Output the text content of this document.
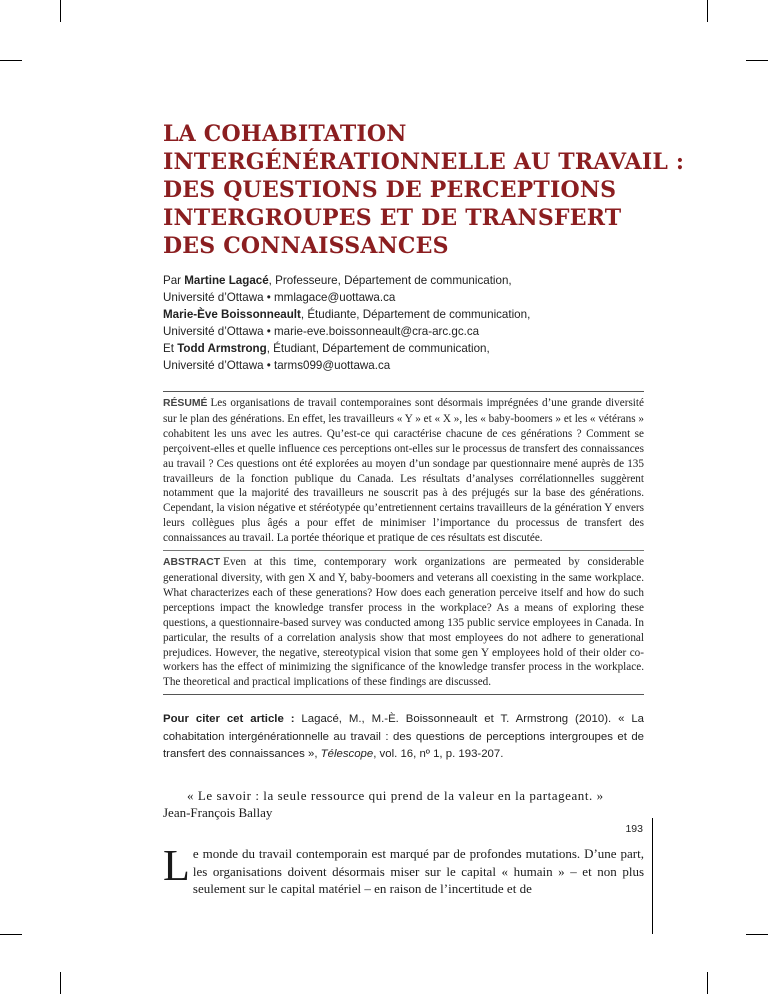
LA COHABITATION
INTERGÉNÉRATIONNELLE AU TRAVAIL :
DES QUESTIONS DE PERCEPTIONS
INTERGROUPES ET DE TRANSFERT
DES CONNAISSANCES
Par Martine Lagacé, Professeure, Département de communication,
Université d’Ottawa • mmlagace@uottawa.ca
Marie-Ève Boissonneault, Étudiante, Département de communication,
Université d’Ottawa • marie-eve.boissonneault@cra-arc.gc.ca
Et Todd Armstrong, Étudiant, Département de communication,
Université d’Ottawa • tarms099@uottawa.ca

RÉSUMÉ Les organisations de travail contemporaines sont désormais imprégnées d’une grande diversité sur le plan des générations. En effet, les travailleurs « Y » et « X », les « baby-boomers » et les « vétérans » cohabitent les uns avec les autres. Qu’est-ce qui caractérise chacune de ces générations ? Comment se perçoivent-elles et quelle influence ces perceptions ont-elles sur le processus de transfert des connaissances au travail ? Ces questions ont été explorées au moyen d’un sondage par questionnaire mené auprès de 135 travailleurs de la fonction publique du Canada. Les résultats d’analyses corrélationnelles suggèrent notamment que la majorité des travailleurs ne souscrit pas à des préjugés sur la base des générations. Cependant, la vision négative et stéréotypée qu’entretiennent certains travailleurs de la génération Y envers leurs collègues plus âgés a pour effet de minimiser l’importance du processus de transfert des connaissances au travail. La portée théorique et pratique de ces résultats est discutée.

ABSTRACT Even at this time, contemporary work organizations are permeated by considerable generational diversity, with gen X and Y, baby-boomers and veterans all coexisting in the same workplace. What characterizes each of these generations? How does each generation perceive itself and how do such perceptions impact the knowledge transfer process in the workplace? As a means of exploring these questions, a questionnaire-based survey was conducted among 135 public service employees in Canada. In particular, the results of a correlation analysis show that most employees do not adhere to generational prejudices. However, the negative, stereotypical vision that some gen Y employees hold of their older co-workers has the effect of minimizing the significance of the knowledge transfer process in the workplace. The theoretical and practical implications of these findings are discussed.

Pour citer cet article : Lagacé, M., M.-È. Boissonneault et T. Armstrong (2010). « La cohabitation intergénérationnelle au travail : des questions de perceptions intergroupes et de transfert des connaissances », Télescope, vol. 16, nº 1, p. 193-207.
« Le savoir : la seule ressource qui prend de la valeur en la partageant. »
Jean-François Ballay
Le monde du travail contemporain est marqué par de profondes mutations. D’une part, les organisations doivent désormais miser sur le capital « humain » – et non plus seulement sur le capital matériel – en raison de l’incertitude et de
193
